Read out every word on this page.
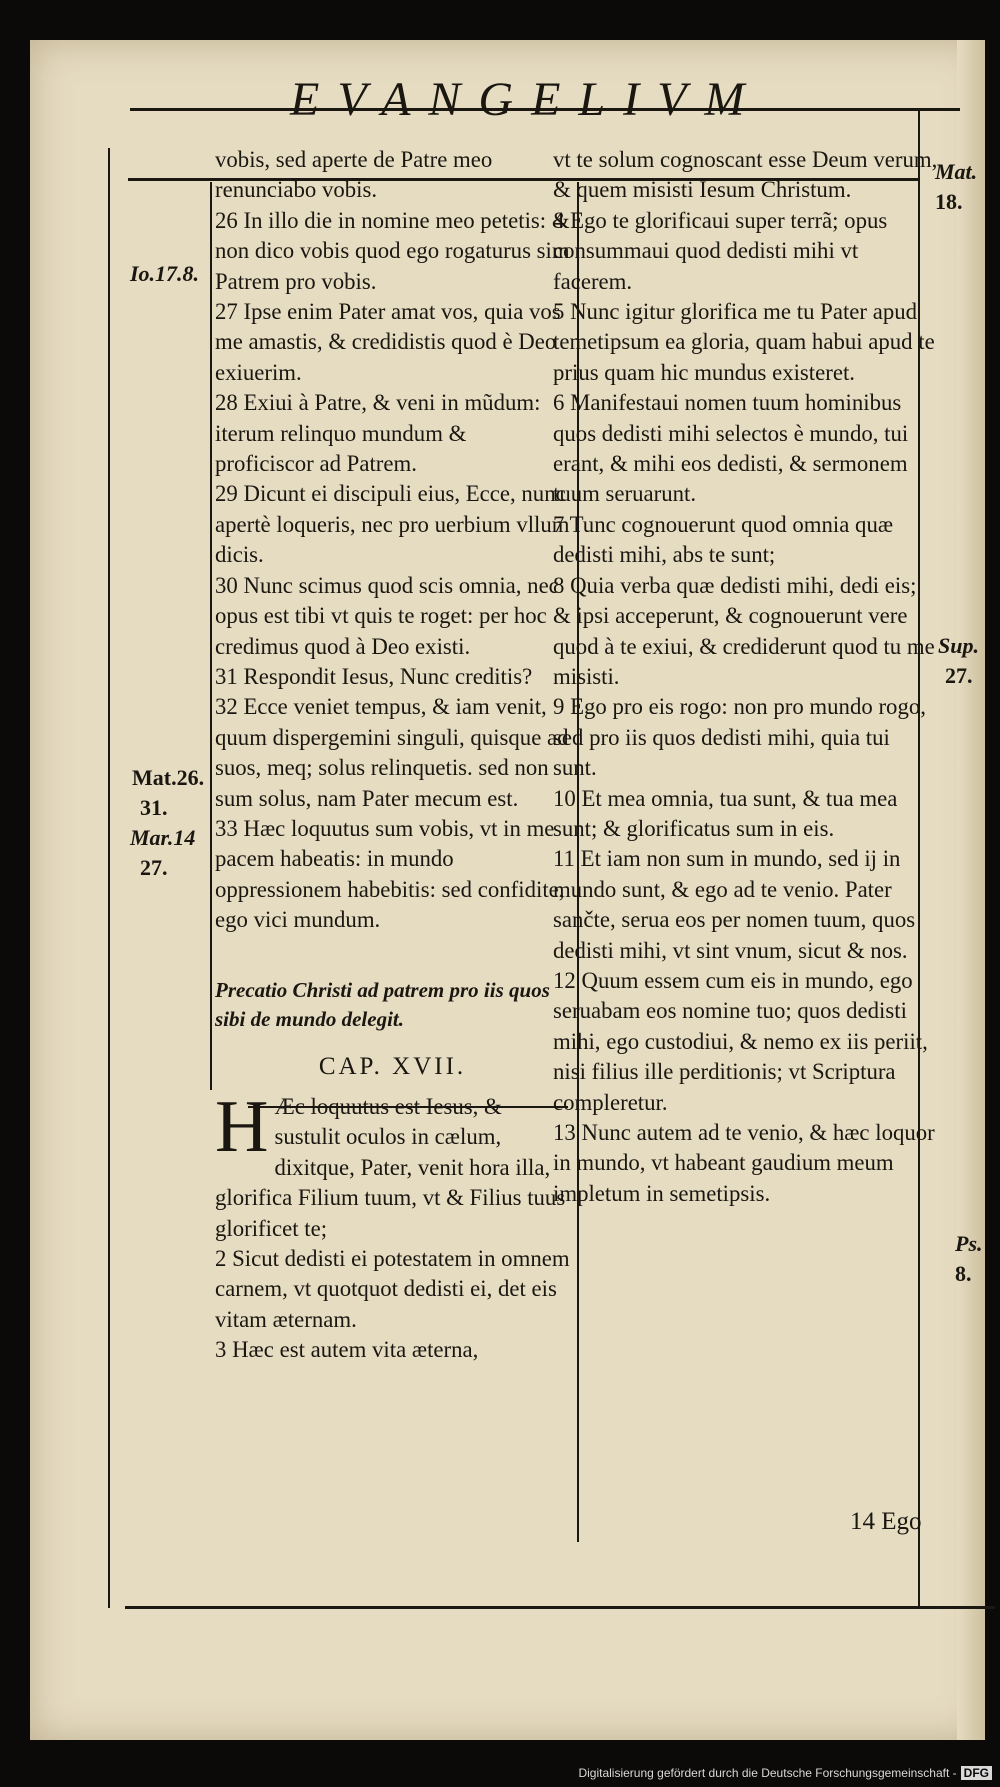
EVANGELIVM
Io.17.8.
Mat.26.
31.
Mar.14
27.
Mat.
18.
Sup.
27.
Ps.
8.

vobis, sed aperte de Patre meo renunciabo vobis.

26 In illo die in nomine meo petetis: & non dico vobis quod ego rogaturus sim Patrem pro vobis.

27 Ipse enim Pater amat vos, quia vos me amastis, & credidistis quod è Deo exiuerim.

28 Exiui à Patre, & veni in mũdum: iterum relinquo mundum & proficiscor ad Patrem.

29 Dicunt ei discipuli eius, Ecce, nunc apertè loqueris, nec pro uerbium vllum dicis.

30 Nunc scimus quod scis omnia, nec opus est tibi vt quis te roget: per hoc credimus quod à Deo existi.

31 Respondit Iesus, Nunc creditis?

32 Ecce veniet tempus, & iam venit, quum dispergemini singuli, quisque ad suos, meq; solus relinquetis. sed non sum solus, nam Pater mecum est.

33 Hæc loquutus sum vobis, vt in me pacem habeatis: in mundo oppressionem habebitis: sed confidite, ego vici mundum.

Precatio Christi ad patrem pro iis quos sibi de mundo delegit.

CAP. XVII.

H Æc loquutus est Iesus, & sustulit oculos in cælum, dixitque, Pater, venit hora illa, glorifica Filium tuum, vt & Filius tuus glorificet te;

2 Sicut dedisti ei potestatem in omnem carnem, vt quotquot dedisti ei, det eis vitam æternam.

3 Hæc est autem vita æterna,

vt te solum cognoscant esse Deum verum, & quem misisti Iesum Christum.

4 Ego te glorificaui super terrã; opus consummaui quod dedisti mihi vt facerem.

5 Nunc igitur glorifica me tu Pater apud temetipsum ea gloria, quam habui apud te prius quam hic mundus existeret.

6 Manifestaui nomen tuum hominibus quos dedisti mihi selectos è mundo, tui erant, & mihi eos dedisti, & sermonem tuum seruarunt.

7 Tunc cognouerunt quod omnia quæ dedisti mihi, abs te sunt;

8 Quia verba quæ dedisti mihi, dedi eis; & ipsi acceperunt, & cognouerunt vere quod à te exiui, & crediderunt quod tu me misisti.

9 Ego pro eis rogo: non pro mundo rogo, sed pro iis quos dedisti mihi, quia tui sunt.

10 Et mea omnia, tua sunt, & tua mea sunt; & glorificatus sum in eis.

11 Et iam non sum in mundo, sed ij in mundo sunt, & ego ad te venio. Pater sančte, serua eos per nomen tuum, quos dedisti mihi, vt sint vnum, sicut & nos.

12 Quum essem cum eis in mundo, ego seruabam eos nomine tuo; quos dedisti mihi, ego custodiui, & nemo ex iis periit, nisi filius ille perditionis; vt Scriptura compleretur.

13 Nunc autem ad te venio, & hæc loquor in mundo, vt habeant gaudium meum impletum in semetipsis.

14 Ego
Digitalisierung gefördert durch die Deutsche Forschungsgemeinschaft - DFG
